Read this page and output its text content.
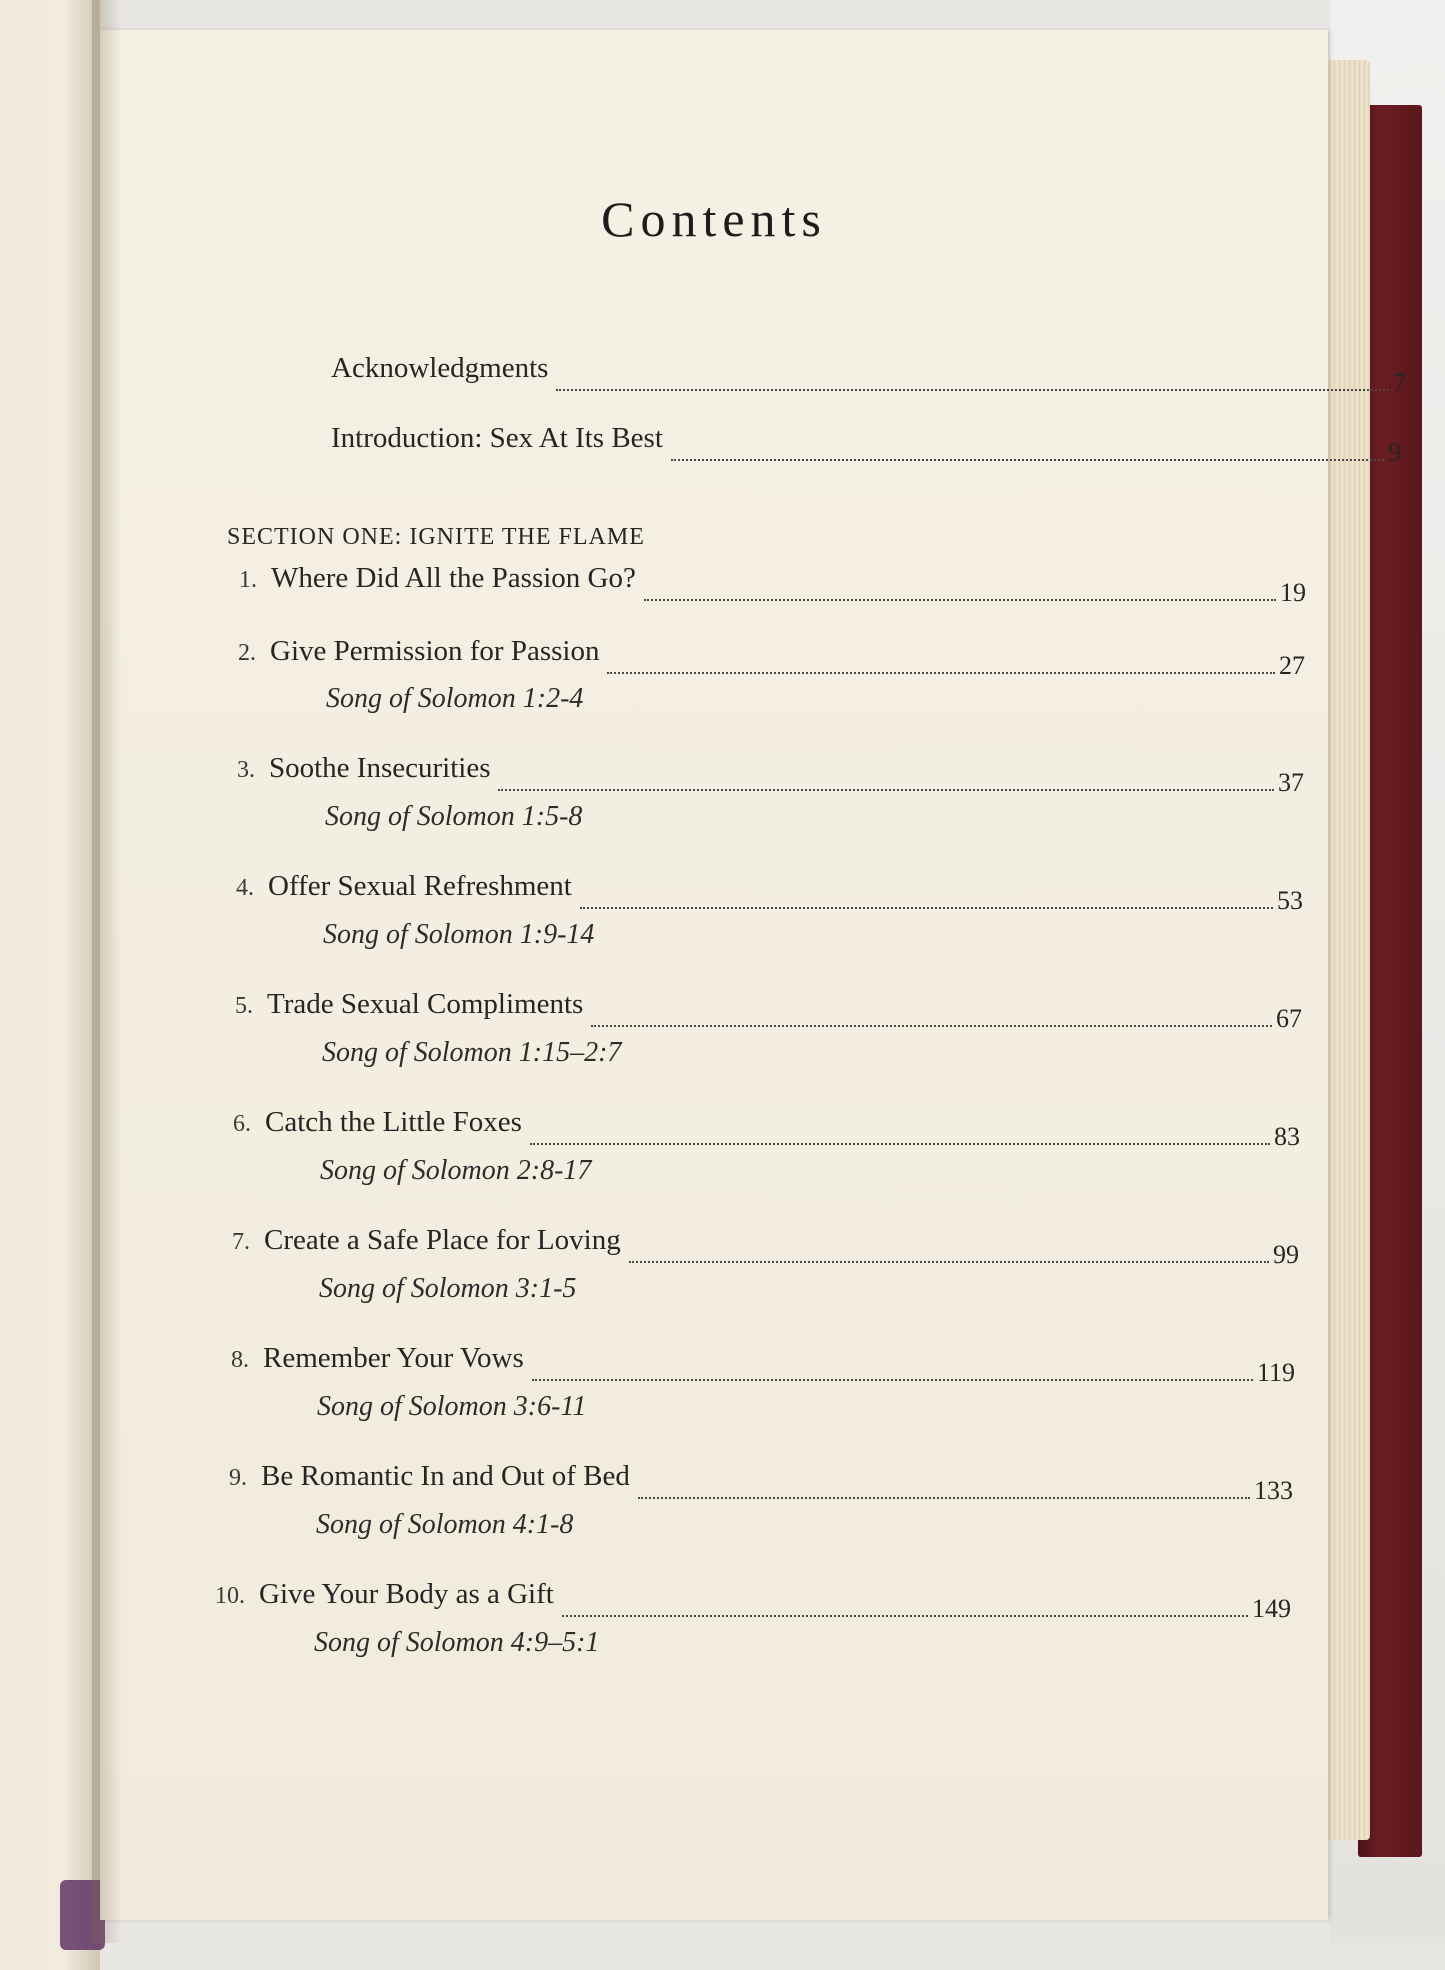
Contents
Acknowledgments	7
Introduction: Sex At Its Best	9
SECTION ONE: IGNITE THE FLAME
1. Where Did All the Passion Go?	19
2. Give Permission for Passion	27
Song of Solomon 1:2-4
3. Soothe Insecurities	37
Song of Solomon 1:5-8
4. Offer Sexual Refreshment	53
Song of Solomon 1:9-14
5. Trade Sexual Compliments	67
Song of Solomon 1:15–2:7
6. Catch the Little Foxes	83
Song of Solomon 2:8-17
7. Create a Safe Place for Loving	99
Song of Solomon 3:1-5
8. Remember Your Vows	119
Song of Solomon 3:6-11
9. Be Romantic In and Out of Bed	133
Song of Solomon 4:1-8
10. Give Your Body as a Gift	149
Song of Solomon 4:9–5:1
